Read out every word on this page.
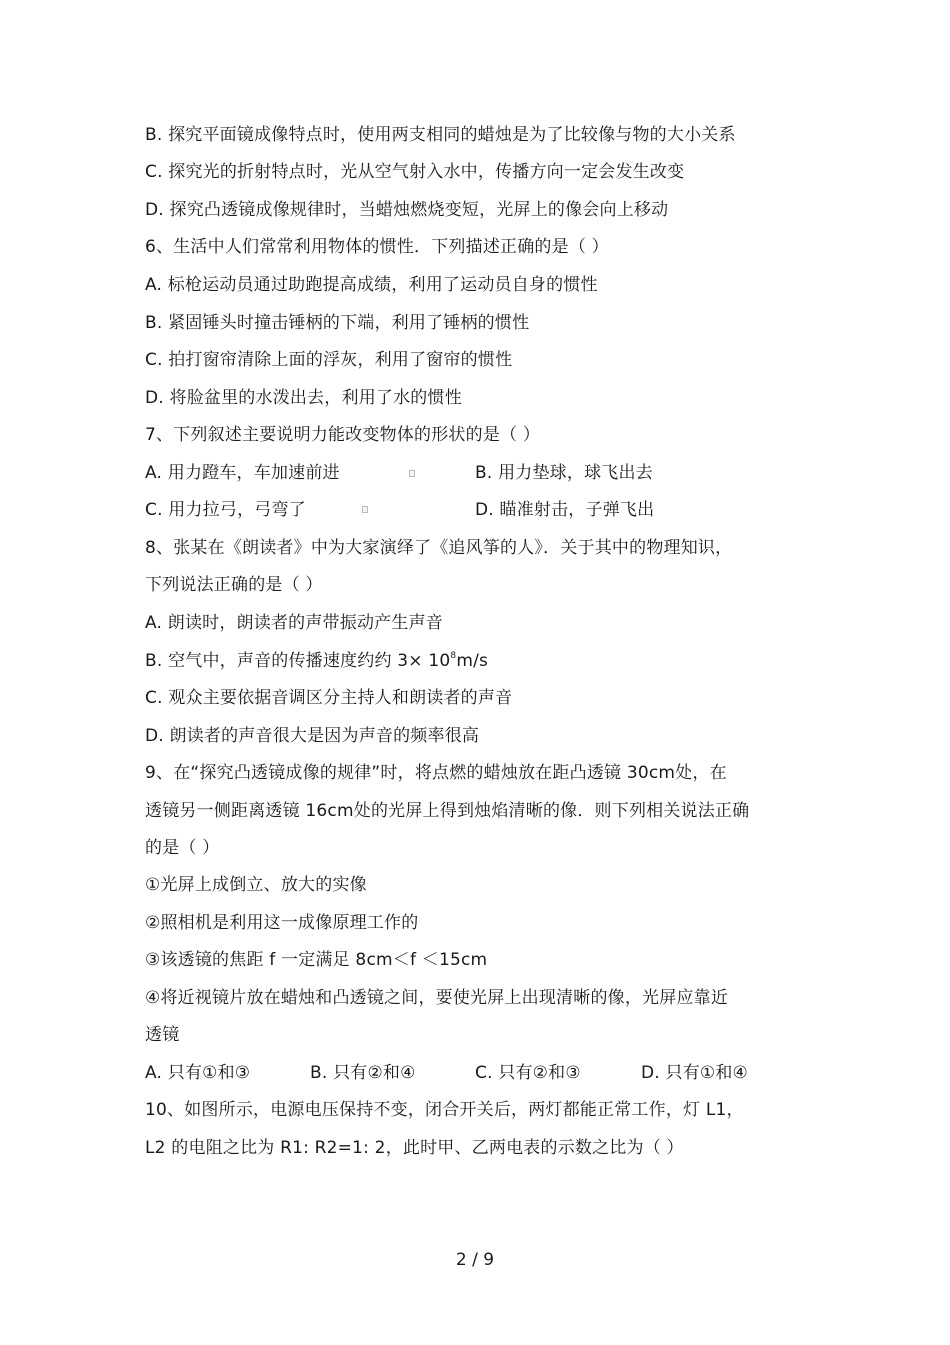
B. 探究平面镜成像特点时，使用两支相同的蜡烛是为了比较像与物的大小关系
C. 探究光的折射特点时，光从空气射入水中，传播方向一定会发生改变
D. 探究凸透镜成像规律时，当蜡烛燃烧变短，光屏上的像会向上移动
6、生活中人们常常利用物体的惯性．下列描述正确的是（ ）
A. 标枪运动员通过助跑提高成绩，利用了运动员自身的惯性
B. 紧固锤头时撞击锤柄的下端，利用了锤柄的惯性
C. 拍打窗帘清除上面的浮灰，利用了窗帘的惯性
D. 将脸盆里的水泼出去，利用了水的惯性
7、下列叙述主要说明力能改变物体的形状的是（ ）
A. 用力蹬车，车加速前进	B. 用力垫球，球飞出去
C. 用力拉弓，弓弯了	D. 瞄准射击，子弹飞出
8、张某在《朗读者》中为大家演绎了《追风筝的人》．关于其中的物理知识，
下列说法正确的是（ ）
A. 朗读时，朗读者的声带振动产生声音
B. 空气中，声音的传播速度约约 $3\times 10^8m/s$
C. 观众主要依据音调区分主持人和朗读者的声音
D. 朗读者的声音很大是因为声音的频率很高
9、在“探究凸透镜成像的规律”时，将点燃的蜡烛放在距凸透镜 30cm处，在
透镜另一侧距离透镜 16cm处的光屏上得到烛焰清晰的像．则下列相关说法正确
的是（ ）
①光屏上成倒立、放大的实像
②照相机是利用这一成像原理工作的
③该透镜的焦距 f 一定满足 8cm＜f ＜15cm
④将近视镜片放在蜡烛和凸透镜之间，要使光屏上出现清晰的像，光屏应靠近
透镜
A. 只有①和③	B. 只有②和④	C. 只有②和③	D. 只有①和④
10、如图所示，电源电压保持不变，闭合开关后，两灯都能正常工作，灯 L1，
L2 的电阻之比为 R1: R2=1: 2，此时甲、乙两电表的示数之比为（ ）
2 / 9
